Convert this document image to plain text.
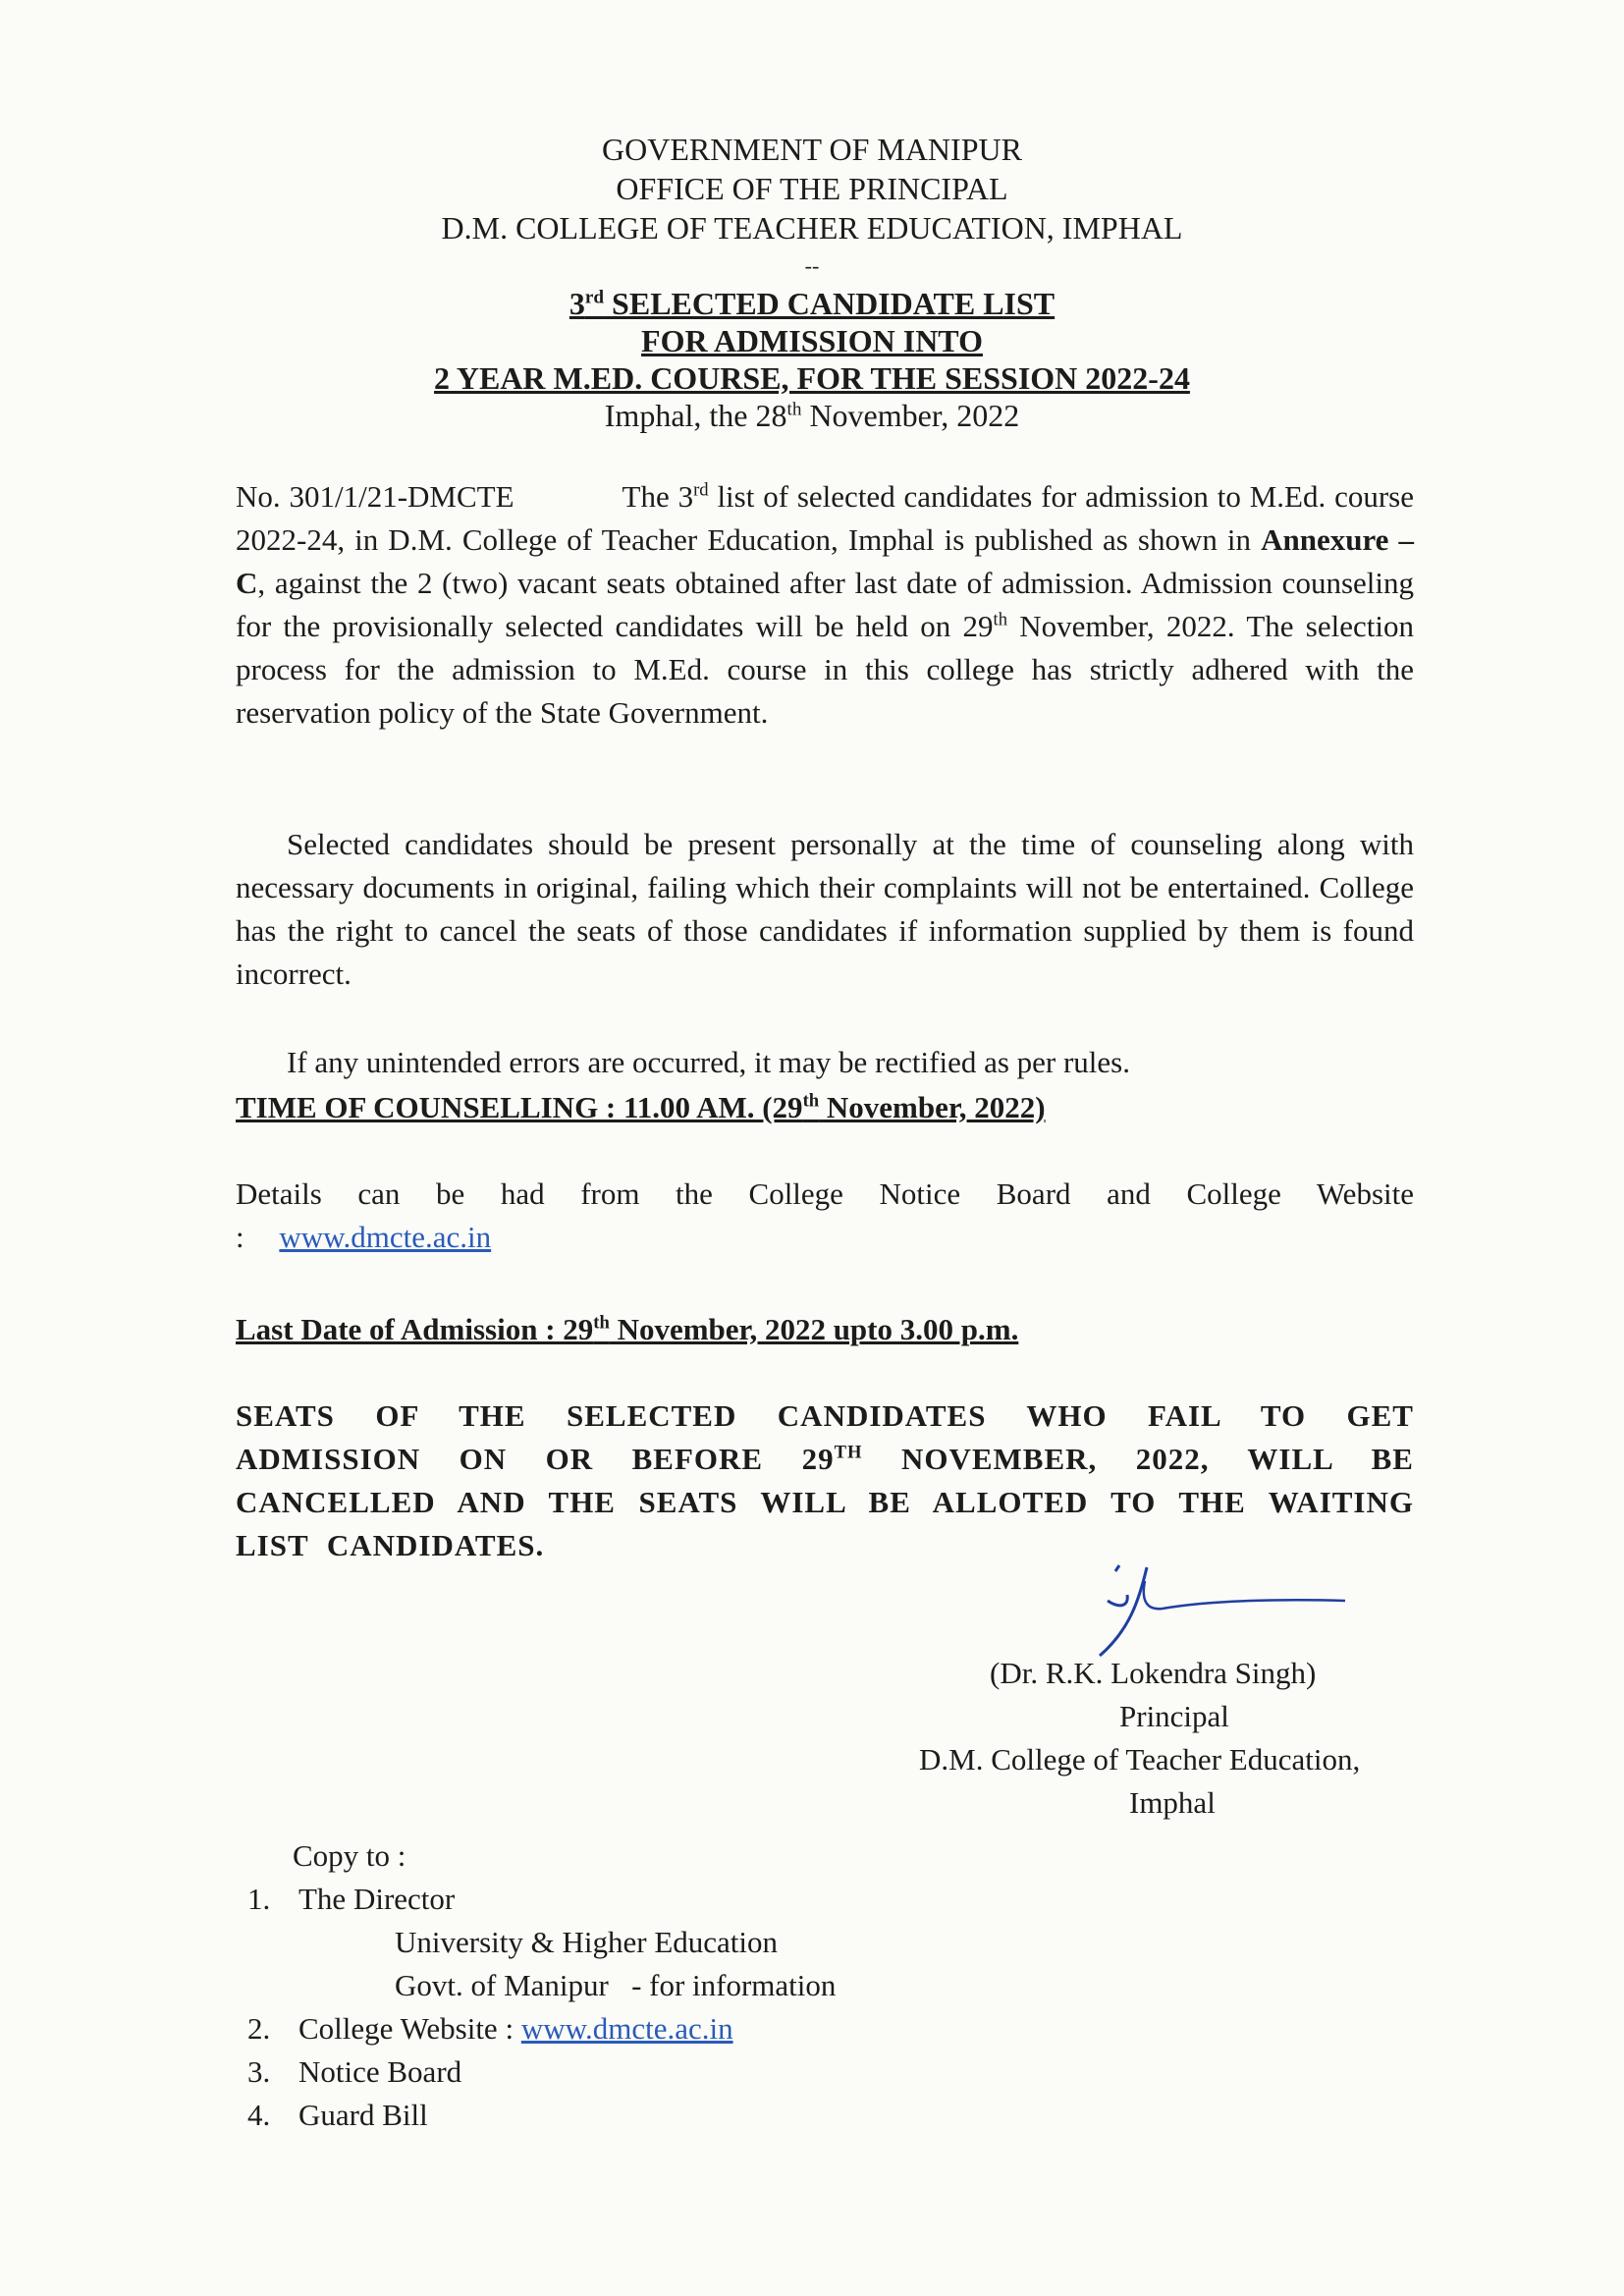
GOVERNMENT OF MANIPUR
OFFICE OF THE PRINCIPAL
D.M. COLLEGE OF TEACHER EDUCATION, IMPHAL
--
3rd SELECTED CANDIDATE LIST
FOR ADMISSION INTO
2 YEAR M.ED. COURSE, FOR THE SESSION 2022-24
Imphal, the 28th November, 2022
No. 301/1/21-DMCTE	The 3rd list of selected candidates for admission to M.Ed. course 2022-24, in D.M. College of Teacher Education, Imphal is published as shown in Annexure – C, against the 2 (two) vacant seats obtained after last date of admission. Admission counseling for the provisionally selected candidates will be held on 29th November, 2022. The selection process for the admission to M.Ed. course in this college has strictly adhered with the reservation policy of the State Government.
Selected candidates should be present personally at the time of counseling along with necessary documents in original, failing which their complaints will not be entertained. College has the right to cancel the seats of those candidates if information supplied by them is found incorrect.
If any unintended errors are occurred, it may be rectified as per rules.
TIME OF COUNSELLING : 11.00 AM. (29th November, 2022)
Details can be had from the College Notice Board and College Website : www.dmcte.ac.in
Last Date of Admission : 29th November, 2022 upto 3.00 p.m.
SEATS OF THE SELECTED CANDIDATES WHO FAIL TO GET ADMISSION ON OR BEFORE 29TH NOVEMBER, 2022, WILL BE CANCELLED AND THE SEATS WILL BE ALLOTED TO THE WAITING LIST CANDIDATES.
(Dr. R.K. Lokendra Singh)
Principal
D.M. College of Teacher Education,
Imphal
Copy to :
1. The Director
University & Higher Education
Govt. of Manipur   - for information
2. College Website : www.dmcte.ac.in
3. Notice Board
4. Guard Bill
